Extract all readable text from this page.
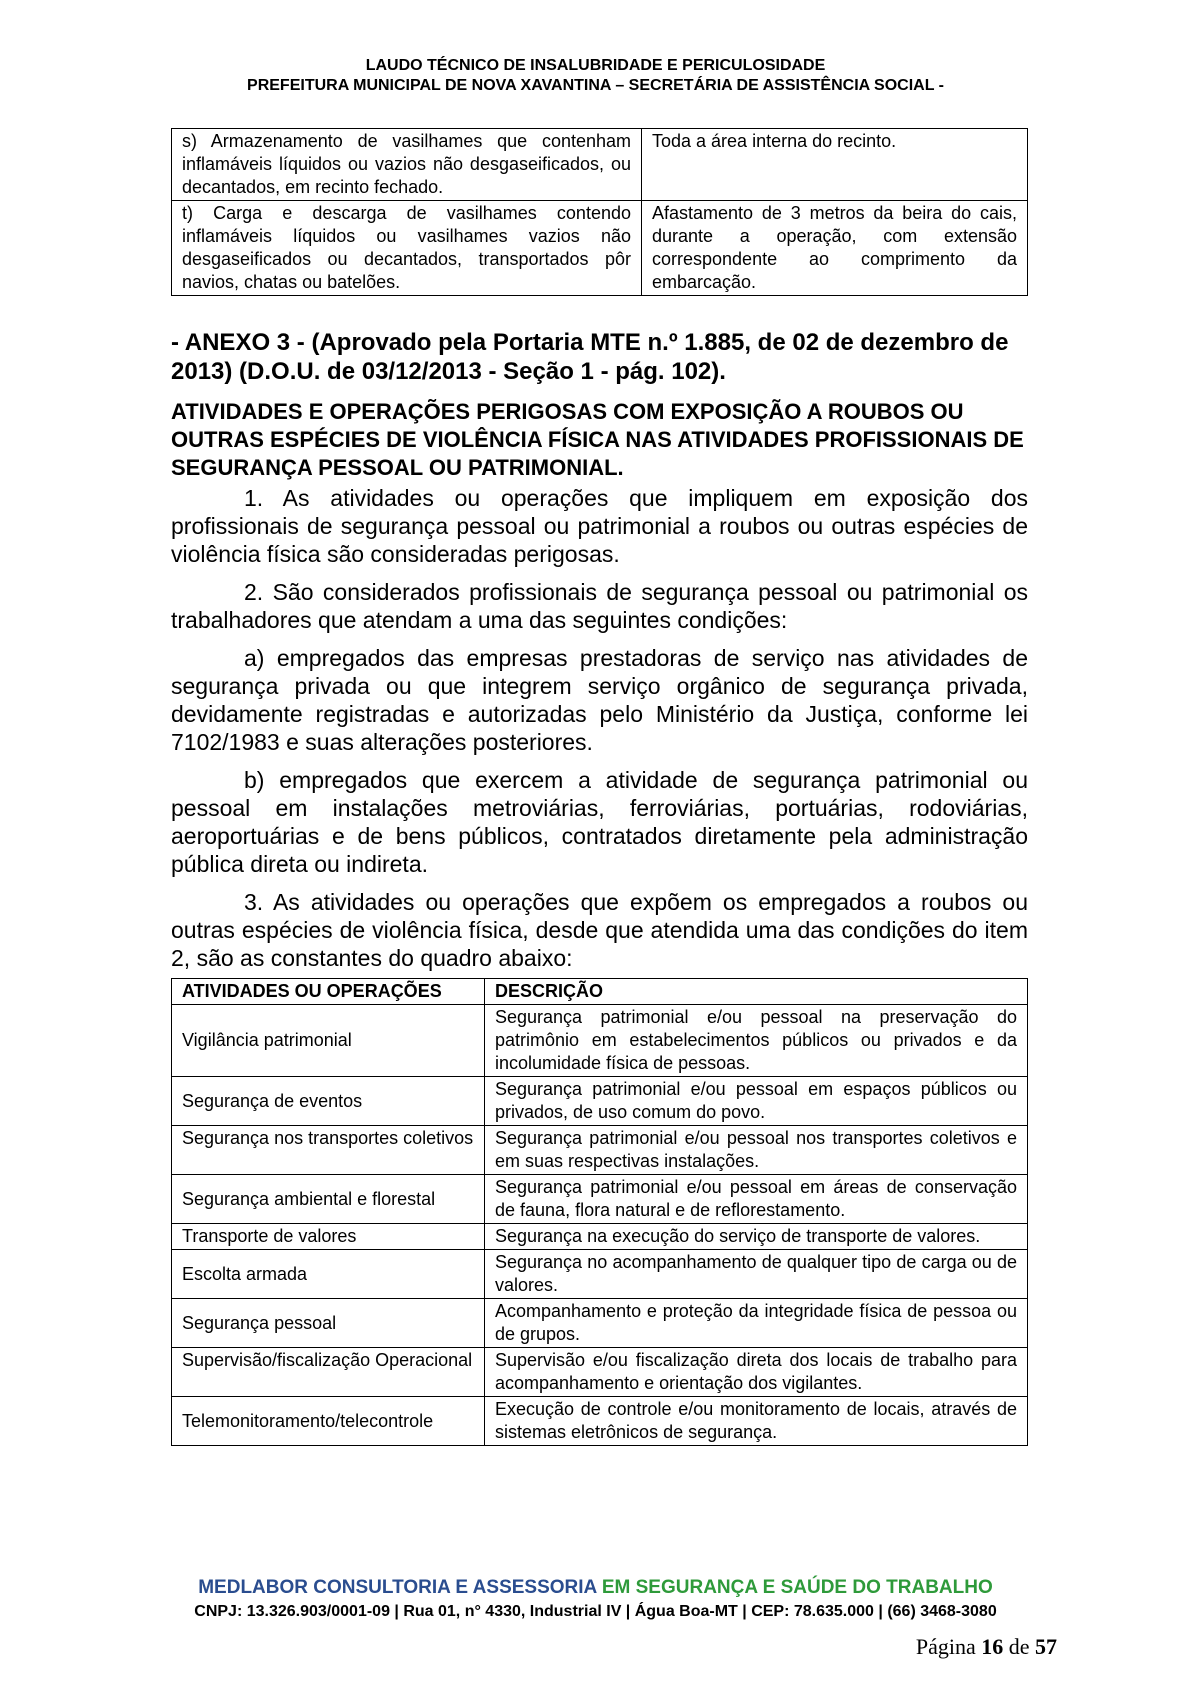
LAUDO TÉCNICO DE INSALUBRIDADE E PERICULOSIDADE
PREFEITURA MUNICIPAL DE NOVA XAVANTINA – SECRETÁRIA DE ASSISTÊNCIA SOCIAL -
s) Armazenamento de vasilhames que contenham inflamáveis líquidos ou vazios não desgaseificados, ou decantados, em recinto fechado.	Toda a área interna do recinto.
t) Carga e descarga de vasilhames contendo inflamáveis líquidos ou vasilhames vazios não desgaseificados ou decantados, transportados pôr navios, chatas ou batelões.	Afastamento de 3 metros da beira do cais, durante a operação, com extensão correspondente ao comprimento da embarcação.
- ANEXO 3 - (Aprovado pela Portaria MTE n.º 1.885, de 02 de dezembro de 2013) (D.O.U. de 03/12/2013 - Seção 1 - pág. 102).
ATIVIDADES E OPERAÇÕES PERIGOSAS COM EXPOSIÇÃO A ROUBOS OU OUTRAS ESPÉCIES DE VIOLÊNCIA FÍSICA NAS ATIVIDADES PROFISSIONAIS DE SEGURANÇA PESSOAL OU PATRIMONIAL.

1. As atividades ou operações que impliquem em exposição dos profissionais de segurança pessoal ou patrimonial a roubos ou outras espécies de violência física são consideradas perigosas.

2. São considerados profissionais de segurança pessoal ou patrimonial os trabalhadores que atendam a uma das seguintes condições:

a) empregados das empresas prestadoras de serviço nas atividades de segurança privada ou que integrem serviço orgânico de segurança privada, devidamente registradas e autorizadas pelo Ministério da Justiça, conforme lei 7102/1983 e suas alterações posteriores.

b) empregados que exercem a atividade de segurança patrimonial ou pessoal em instalações metroviárias, ferroviárias, portuárias, rodoviárias, aeroportuárias e de bens públicos, contratados diretamente pela administração pública direta ou indireta.

3. As atividades ou operações que expõem os empregados a roubos ou outras espécies de violência física, desde que atendida uma das condições do item 2, são as constantes do quadro abaixo:

ATIVIDADES OU OPERAÇÕES	DESCRIÇÃO
Vigilância patrimonial	Segurança patrimonial e/ou pessoal na preservação do patrimônio em estabelecimentos públicos ou privados e da incolumidade física de pessoas.
Segurança de eventos	Segurança patrimonial e/ou pessoal em espaços públicos ou privados, de uso comum do povo.
Segurança nos transportes coletivos	Segurança patrimonial e/ou pessoal nos transportes coletivos e em suas respectivas instalações.
Segurança ambiental e florestal	Segurança patrimonial e/ou pessoal em áreas de conservação de fauna, flora natural e de reflorestamento.
Transporte de valores	Segurança na execução do serviço de transporte de valores.
Escolta armada	Segurança no acompanhamento de qualquer tipo de carga ou de valores.
Segurança pessoal	Acompanhamento e proteção da integridade física de pessoa ou de grupos.
Supervisão/fiscalização Operacional	Supervisão e/ou fiscalização direta dos locais de trabalho para acompanhamento e orientação dos vigilantes.
Telemonitoramento/telecontrole	Execução de controle e/ou monitoramento de locais, através de sistemas eletrônicos de segurança.
MEDLABOR CONSULTORIA E ASSESSORIA EM SEGURANÇA E SAÚDE DO TRABALHO
CNPJ: 13.326.903/0001-09 | Rua 01, n° 4330, Industrial IV | Água Boa-MT | CEP: 78.635.000 | (66) 3468-3080
Página 16 de 57
